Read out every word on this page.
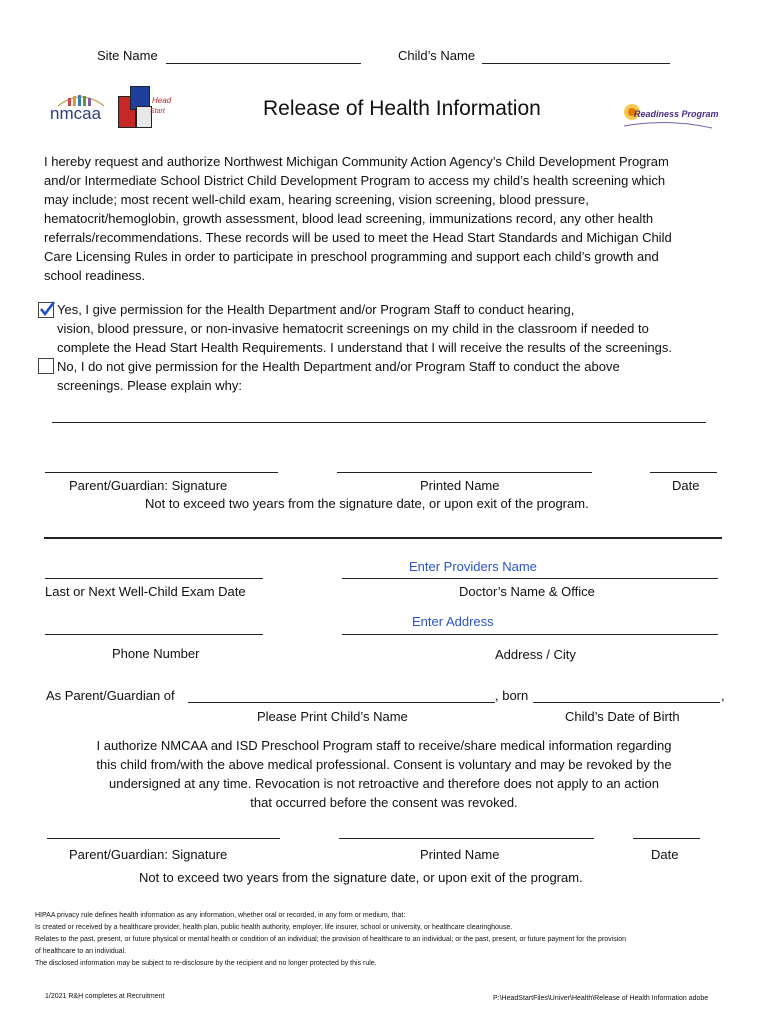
Site Name	Child’s Name
nmcaa
Head
Start	Release of Health Information	Readiness Program
I hereby request and authorize Northwest Michigan Community Action Agency’s Child Development Program
and/or Intermediate School District Child Development Program to access my child’s health screening which
may include; most recent well-child exam, hearing screening, vision screening, blood pressure,
hematocrit/hemoglobin, growth assessment, blood lead screening, immunizations record, any other health
referrals/recommendations. These records will be used to meet the Head Start Standards and Michigan Child
Care Licensing Rules in order to participate in preschool programming and support each child’s growth and
school readiness.
Yes, I give permission for the Health Department and/or Program Staff to conduct hearing,
vision, blood pressure, or non-invasive hematocrit screenings on my child in the classroom if needed to
complete the Head Start Health Requirements. I understand that I will receive the results of the screenings.
No, I do not give permission for the Health Department and/or Program Staff to conduct the above
screenings. Please explain why:
Parent/Guardian: Signature	Printed Name	Date
Not to exceed two years from the signature date, or upon exit of the program.
Enter Providers Name
Last or Next Well-Child Exam Date	Doctor’s Name & Office
Enter Address
Phone Number	Address / City
As Parent/Guardian of	, born	,
Please Print Child’s Name	Child’s Date of Birth
I authorize NMCAA and ISD Preschool Program staff to receive/share medical information regarding
this child from/with the above medical professional. Consent is voluntary and may be revoked by the
undersigned at any time. Revocation is not retroactive and therefore does not apply to an action
that occurred before the consent was revoked.
Parent/Guardian: Signature	Printed Name	Date
Not to exceed two years from the signature date, or upon exit of the program.
HIPAA privacy rule defines health information as any information, whether oral or recorded, in any form or medium, that:
Is created or received by a healthcare provider, health plan, public health authority, employer, life insurer, school or university, or healthcare clearinghouse.
Relates to the past, present, or future physical or mental health or condition of an individual; the provision of healthcare to an individual; or the past, present, or future payment for the provision
of healthcare to an individual.
The disclosed information may be subject to re-disclosure by the recipient and no longer protected by this rule.
1/2021 R&H completes at Recruitment	P:\HeadStartFiles\Univer\Health\Release of Health Information adobe
